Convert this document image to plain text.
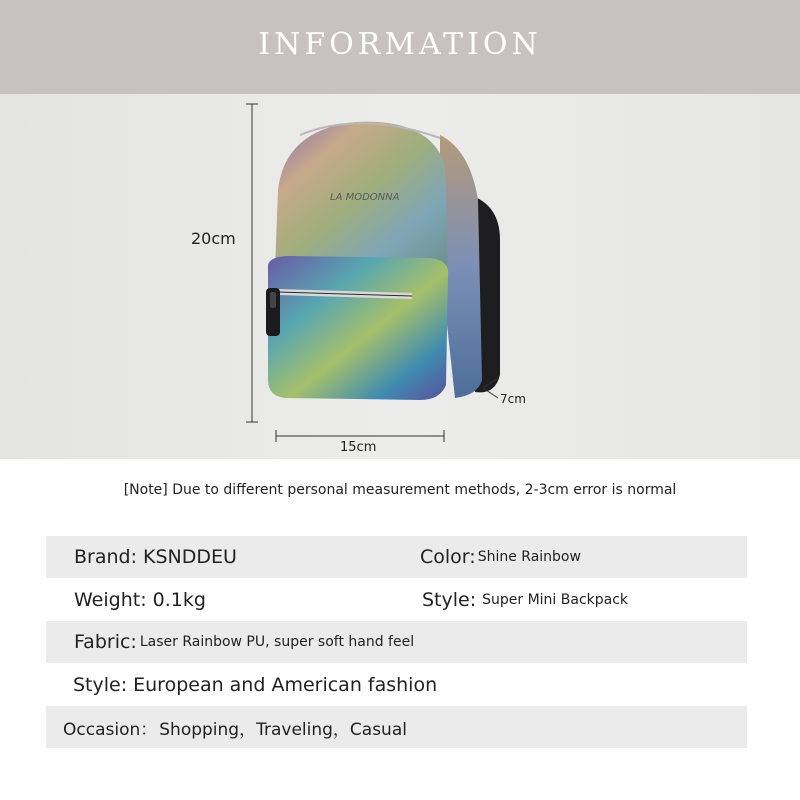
INFORMATION
LA MODONNA
20cm
15cm
7cm
[Note] Due to different personal measurement methods, 2-3cm error is normal
Brand: KSNDDEU	Color: Shine Rainbow
Weight: 0.1kg	Style: Super Mini Backpack
Fabric: Laser Rainbow PU, super soft hand feel
Style: European and American fashion
Occasion： Shopping，Traveling，Casual
